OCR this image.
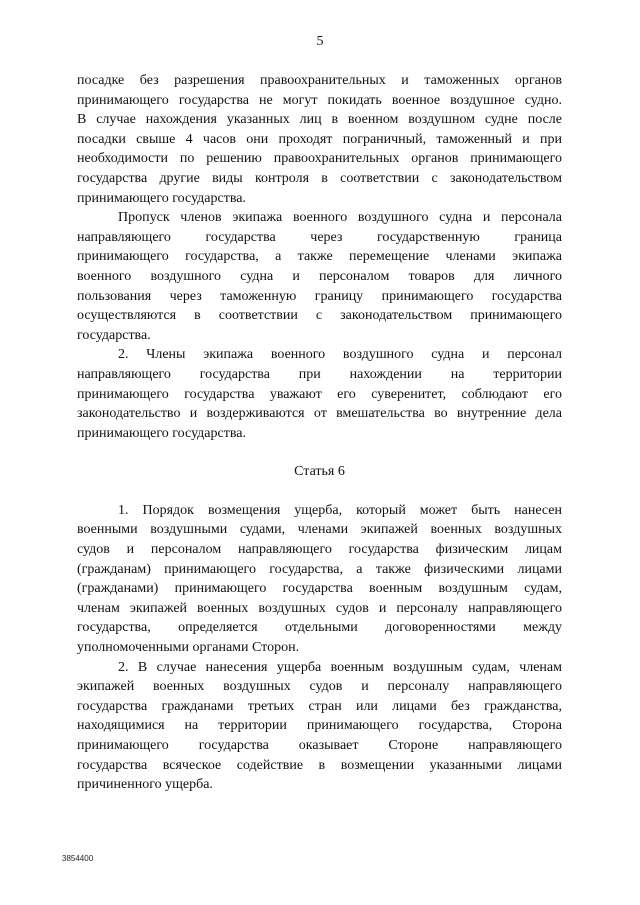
5
посадке без разрешения правоохранительных и таможенных органов
принимающего государства не могут покидать военное воздушное судно.
В случае нахождения указанных лиц в военном воздушном судне после
посадки свыше 4 часов они проходят пограничный, таможенный и при
необходимости по решению правоохранительных органов принимающего
государства другие виды контроля в соответствии с законодательством
принимающего государства.
Пропуск членов экипажа военного воздушного судна и персонала
направляющего государства через государственную граница
принимающего государства, а также перемещение членами экипажа
военного воздушного судна и персоналом товаров для личного
пользования через таможенную границу принимающего государства
осуществляются в соответствии с законодательством принимающего
государства.
2. Члены экипажа военного воздушного судна и персонал
направляющего государства при нахождении на территории
принимающего государства уважают его суверенитет, соблюдают его
законодательство и воздерживаются от вмешательства во внутренние дела
принимающего государства.
Статья 6
1. Порядок возмещения ущерба, который может быть нанесен
военными воздушными судами, членами экипажей военных воздушных
судов и персоналом направляющего государства физическим лицам
(гражданам) принимающего государства, а также физическими лицами
(гражданами) принимающего государства военным воздушным судам,
членам экипажей военных воздушных судов и персоналу направляющего
государства, определяется отдельными договоренностями между
уполномоченными органами Сторон.
2. В случае нанесения ущерба военным воздушным судам, членам
экипажей военных воздушных судов и персоналу направляющего
государства гражданами третьих стран или лицами без гражданства,
находящимися на территории принимающего государства, Сторона
принимающего государства оказывает Стороне направляющего
государства всяческое содействие в возмещении указанными лицами
причиненного ущерба.
3854400
